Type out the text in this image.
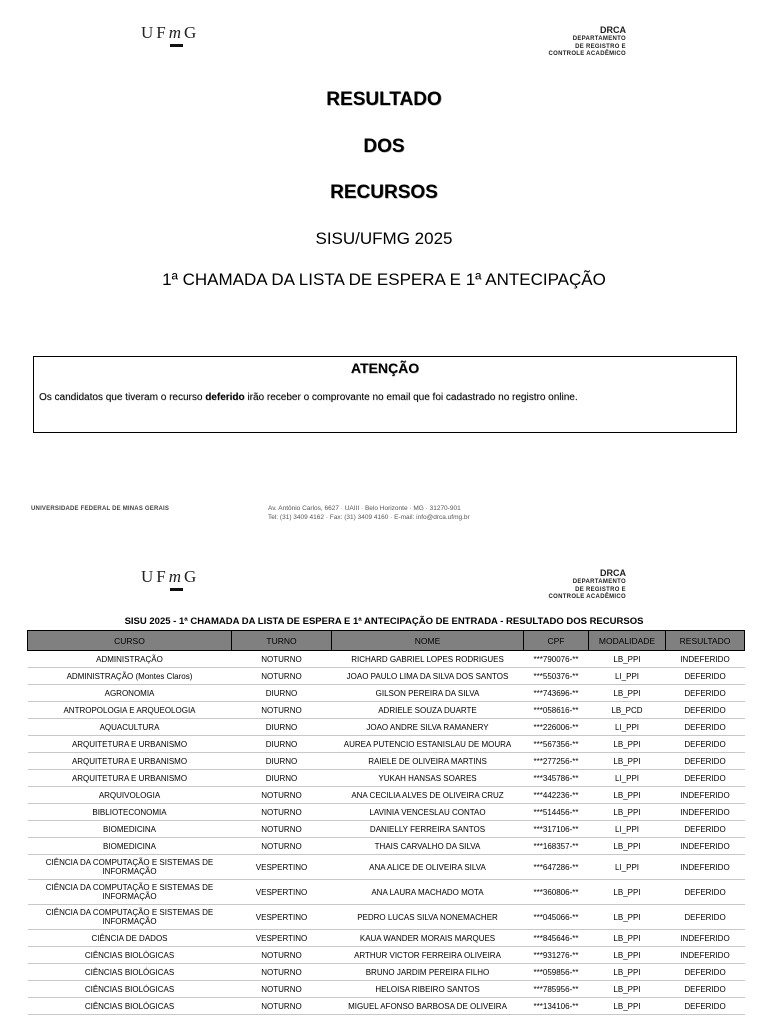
UFmG	DRCA
DEPARTAMENTO
DE REGISTRO E
CONTROLE ACADÊMICO
RESULTADO
DOS
RECURSOS
SISU/UFMG 2025
1ª CHAMADA DA LISTA DE ESPERA E 1ª ANTECIPAÇÃO
ATENÇÃO
Os candidatos que tiveram o recurso deferido irão receber o comprovante no email que foi cadastrado no registro online.
UNIVERSIDADE FEDERAL DE MINAS GERAIS	Av. Antônio Carlos, 6627 · UAIII · Belo Horizonte · MG · 31270-901
Tel: (31) 3409 4162 · Fax: (31) 3409 4160 · E-mail: info@drca.ufmg.br
UFmG	DRCA
DEPARTAMENTO
DE REGISTRO E
CONTROLE ACADÊMICO
SISU 2025 - 1ª CHAMADA DA LISTA DE ESPERA E 1ª ANTECIPAÇÃO DE ENTRADA - RESULTADO DOS RECURSOS
CURSO	TURNO	NOME	CPF	MODALIDADE	RESULTADO
ADMINISTRAÇÃO	NOTURNO	RICHARD GABRIEL LOPES RODRIGUES	***790076-**	LB_PPI	INDEFERIDO
ADMINISTRAÇÃO (Montes Claros)	NOTURNO	JOAO PAULO LIMA DA SILVA DOS SANTOS	***550376-**	LI_PPI	DEFERIDO
AGRONOMIA	DIURNO	GILSON PEREIRA DA SILVA	***743696-**	LB_PPI	DEFERIDO
ANTROPOLOGIA E ARQUEOLOGIA	NOTURNO	ADRIELE SOUZA DUARTE	***058616-**	LB_PCD	DEFERIDO
AQUACULTURA	DIURNO	JOAO ANDRE SILVA RAMANERY	***226006-**	LI_PPI	DEFERIDO
ARQUITETURA E URBANISMO	DIURNO	AUREA PUTENCIO ESTANISLAU DE MOURA	***567356-**	LB_PPI	DEFERIDO
ARQUITETURA E URBANISMO	DIURNO	RAIELE DE OLIVEIRA MARTINS	***277256-**	LB_PPI	DEFERIDO
ARQUITETURA E URBANISMO	DIURNO	YUKAH HANSAS SOARES	***345786-**	LI_PPI	DEFERIDO
ARQUIVOLOGIA	NOTURNO	ANA CECILIA ALVES DE OLIVEIRA CRUZ	***442236-**	LB_PPI	INDEFERIDO
BIBLIOTECONOMIA	NOTURNO	LAVINIA VENCESLAU CONTAO	***514456-**	LB_PPI	INDEFERIDO
BIOMEDICINA	NOTURNO	DANIELLY FERREIRA SANTOS	***317106-**	LI_PPI	DEFERIDO
BIOMEDICINA	NOTURNO	THAIS CARVALHO DA SILVA	***168357-**	LB_PPI	INDEFERIDO
CIÊNCIA DA COMPUTAÇÃO E SISTEMAS DE INFORMAÇÃO	VESPERTINO	ANA ALICE DE OLIVEIRA SILVA	***647286-**	LI_PPI	INDEFERIDO
CIÊNCIA DA COMPUTAÇÃO E SISTEMAS DE INFORMAÇÃO	VESPERTINO	ANA LAURA MACHADO MOTA	***360806-**	LB_PPI	DEFERIDO
CIÊNCIA DA COMPUTAÇÃO E SISTEMAS DE INFORMAÇÃO	VESPERTINO	PEDRO LUCAS SILVA NONEMACHER	***045066-**	LB_PPI	DEFERIDO
CIÊNCIA DE DADOS	VESPERTINO	KAUA WANDER MORAIS MARQUES	***845646-**	LB_PPI	INDEFERIDO
CIÊNCIAS BIOLÓGICAS	NOTURNO	ARTHUR VICTOR FERREIRA OLIVEIRA	***931276-**	LB_PPI	INDEFERIDO
CIÊNCIAS BIOLÓGICAS	NOTURNO	BRUNO JARDIM PEREIRA FILHO	***059856-**	LB_PPI	DEFERIDO
CIÊNCIAS BIOLÓGICAS	NOTURNO	HELOISA RIBEIRO SANTOS	***785956-**	LB_PPI	DEFERIDO
CIÊNCIAS BIOLÓGICAS	NOTURNO	MIGUEL AFONSO BARBOSA DE OLIVEIRA	***134106-**	LB_PPI	DEFERIDO
